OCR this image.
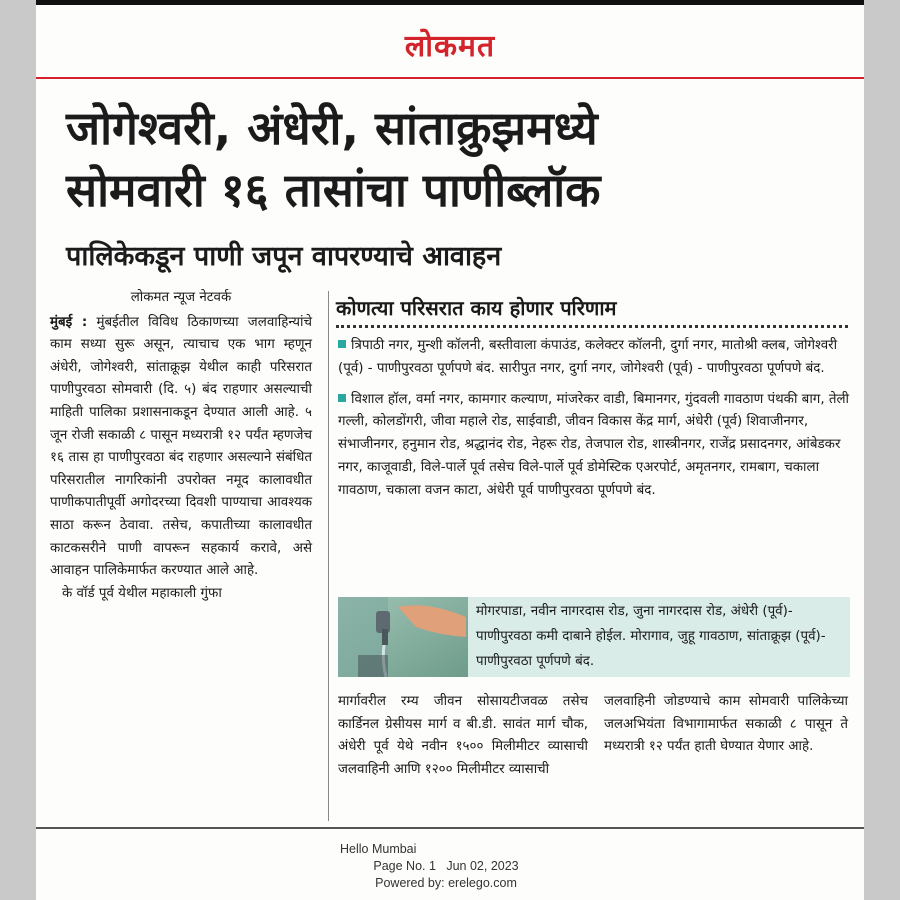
लोकमत
जोगेश्वरी, अंधेरी, सांताक्रुझमध्ये
सोमवारी १६ तासांचा पाणीब्लॉक
पालिकेकडून पाणी जपून वापरण्याचे आवाहन

लोकमत न्यूज नेटवर्क

मुंबई : मुंबईतील विविध ठिकाणच्या जलवाहिन्यांचे काम सध्या सुरू असून, त्याचाच एक भाग म्हणून अंधेरी, जोगेश्वरी, सांताक्रूझ येथील काही परिसरात पाणीपुरवठा सोमवारी (दि. ५) बंद राहणार असल्याची माहिती पालिका प्रशासनाकडून देण्यात आली आहे. ५ जून रोजी सकाळी ८ पासून मध्यरात्री १२ पर्यंत म्हणजेच १६ तास हा पाणीपुरवठा बंद राहणार असल्याने संबंधित परिसरातील नागरिकांनी उपरोक्त नमूद कालावधीत पाणीकपातीपूर्वी अगोदरच्या दिवशी पाण्याचा आवश्यक साठा करून ठेवावा. तसेच, कपातीच्या कालावधीत काटकसरीने पाणी वापरून सहकार्य करावे, असे आवाहन पालिकेमार्फत करण्यात आले आहे.

के वॉर्ड पूर्व येथील महाकाली गुंफा

कोणत्या परिसरात काय होणार परिणाम

त्रिपाठी नगर, मुन्शी कॉलनी, बस्तीवाला कंपाउंड, कलेक्टर कॉलनी, दुर्गा नगर, मातोश्री क्लब, जोगेश्वरी (पूर्व) - पाणीपुरवठा पूर्णपणे बंद. सारीपुत नगर, दुर्गा नगर, जोगेश्वरी (पूर्व) - पाणीपुरवठा पूर्णपणे बंद.

विशाल हॉल, वर्मा नगर, कामगार कल्याण, मांजरेकर वाडी, बिमानगर, गुंदवली गावठाण पंथकी बाग, तेली गल्ली, कोलडोंगरी, जीवा महाले रोड, साईवाडी, जीवन विकास केंद्र मार्ग, अंधेरी (पूर्व) शिवाजीनगर, संभाजीनगर, हनुमान रोड, श्रद्धानंद रोड, नेहरू रोड, तेजपाल रोड, शास्त्रीनगर, राजेंद्र प्रसादनगर, आंबेडकर नगर, काजूवाडी, विले-पार्ले पूर्व तसेच विले-पार्ले पूर्व डोमेस्टिक एअरपोर्ट, अमृतनगर, रामबाग, चकाला गावठाण, चकाला वजन काटा, अंधेरी पूर्व पाणीपुरवठा पूर्णपणे बंद.

मोगरपाडा, नवीन नागरदास रोड, जुना नागरदास रोड, अंधेरी (पूर्व)- पाणीपुरवठा कमी दाबाने होईल. मोरागाव, जुहू गावठाण, सांताक्रूझ (पूर्व)- पाणीपुरवठा पूर्णपणे बंद.
मार्गावरील रम्य जीवन सोसायटीजवळ तसेच कार्डिनल ग्रेसीयस मार्ग व बी.डी. सावंत मार्ग चौक, अंधेरी पूर्व येथे नवीन १५०० मिलीमीटर व्यासाची जलवाहिनी आणि १२०० मिलीमीटर व्यासाची
जलवाहिनी जोडण्याचे काम सोमवारी पालिकेच्या जलअभियंता विभागामार्फत सकाळी ८ पासून ते मध्यरात्री १२ पर्यंत हाती घेण्यात येणार आहे.
Hello Mumbai
Page No. 1   Jun 02, 2023
Powered by: erelego.com
